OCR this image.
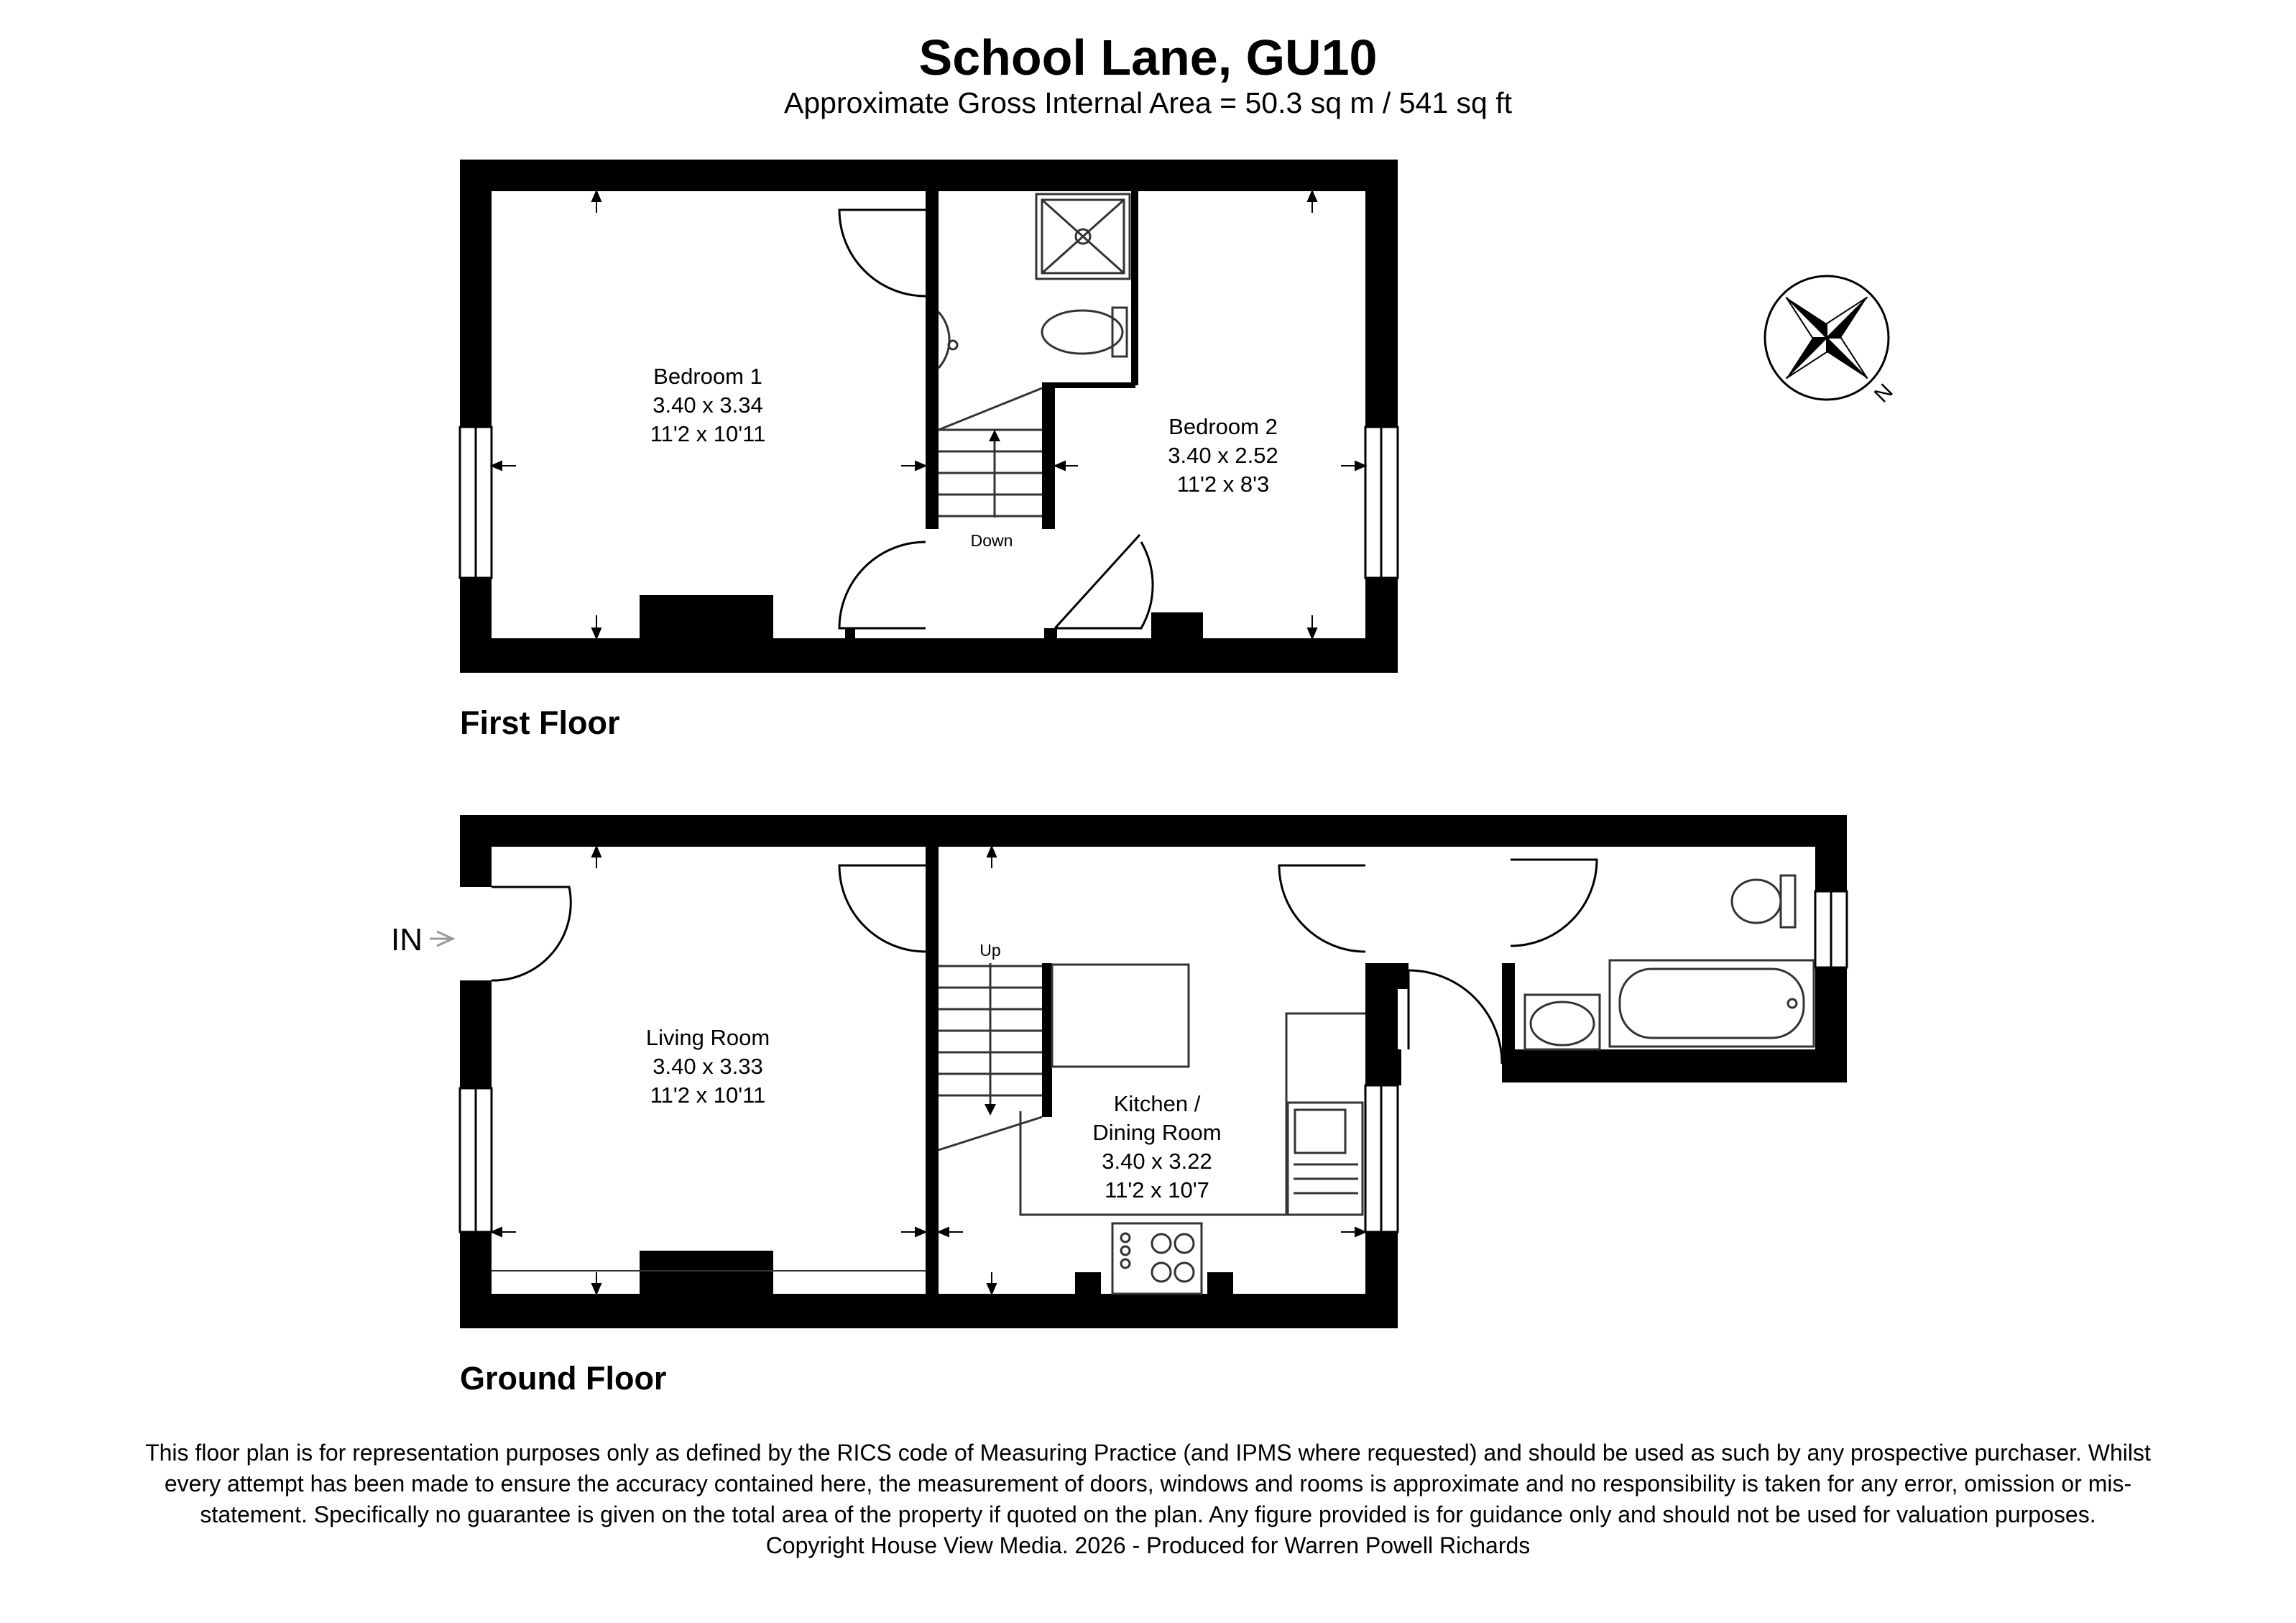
School Lane, GU10
Approximate Gross Internal Area = 50.3 sq m / 541 sq ft
Bedroom 1
3.40 x 3.34
11'2 x 10'11	Bedroom 2
3.40 x 2.52
11'2 x 8'3
Down
Living Room
3.40 x 3.33
11'2 x 10'11	Kitchen /
Dining Room
3.40 x 3.22
11'2 x 10'7
Up
IN
N
First Floor
Ground Floor

This floor plan is for representation purposes only as defined by the RICS code of Measuring Practice (and IPMS where requested) and should be used as such by any prospective purchaser. Whilst every attempt has been made to ensure the accuracy contained here, the measurement of doors, windows and rooms is approximate and no responsibility is taken for any error, omission or mis-statement. Specifically no guarantee is given on the total area of the property if quoted on the plan. Any figure provided is for guidance only and should not be used for valuation purposes.

Copyright House View Media. 2026 - Produced for Warren Powell Richards
